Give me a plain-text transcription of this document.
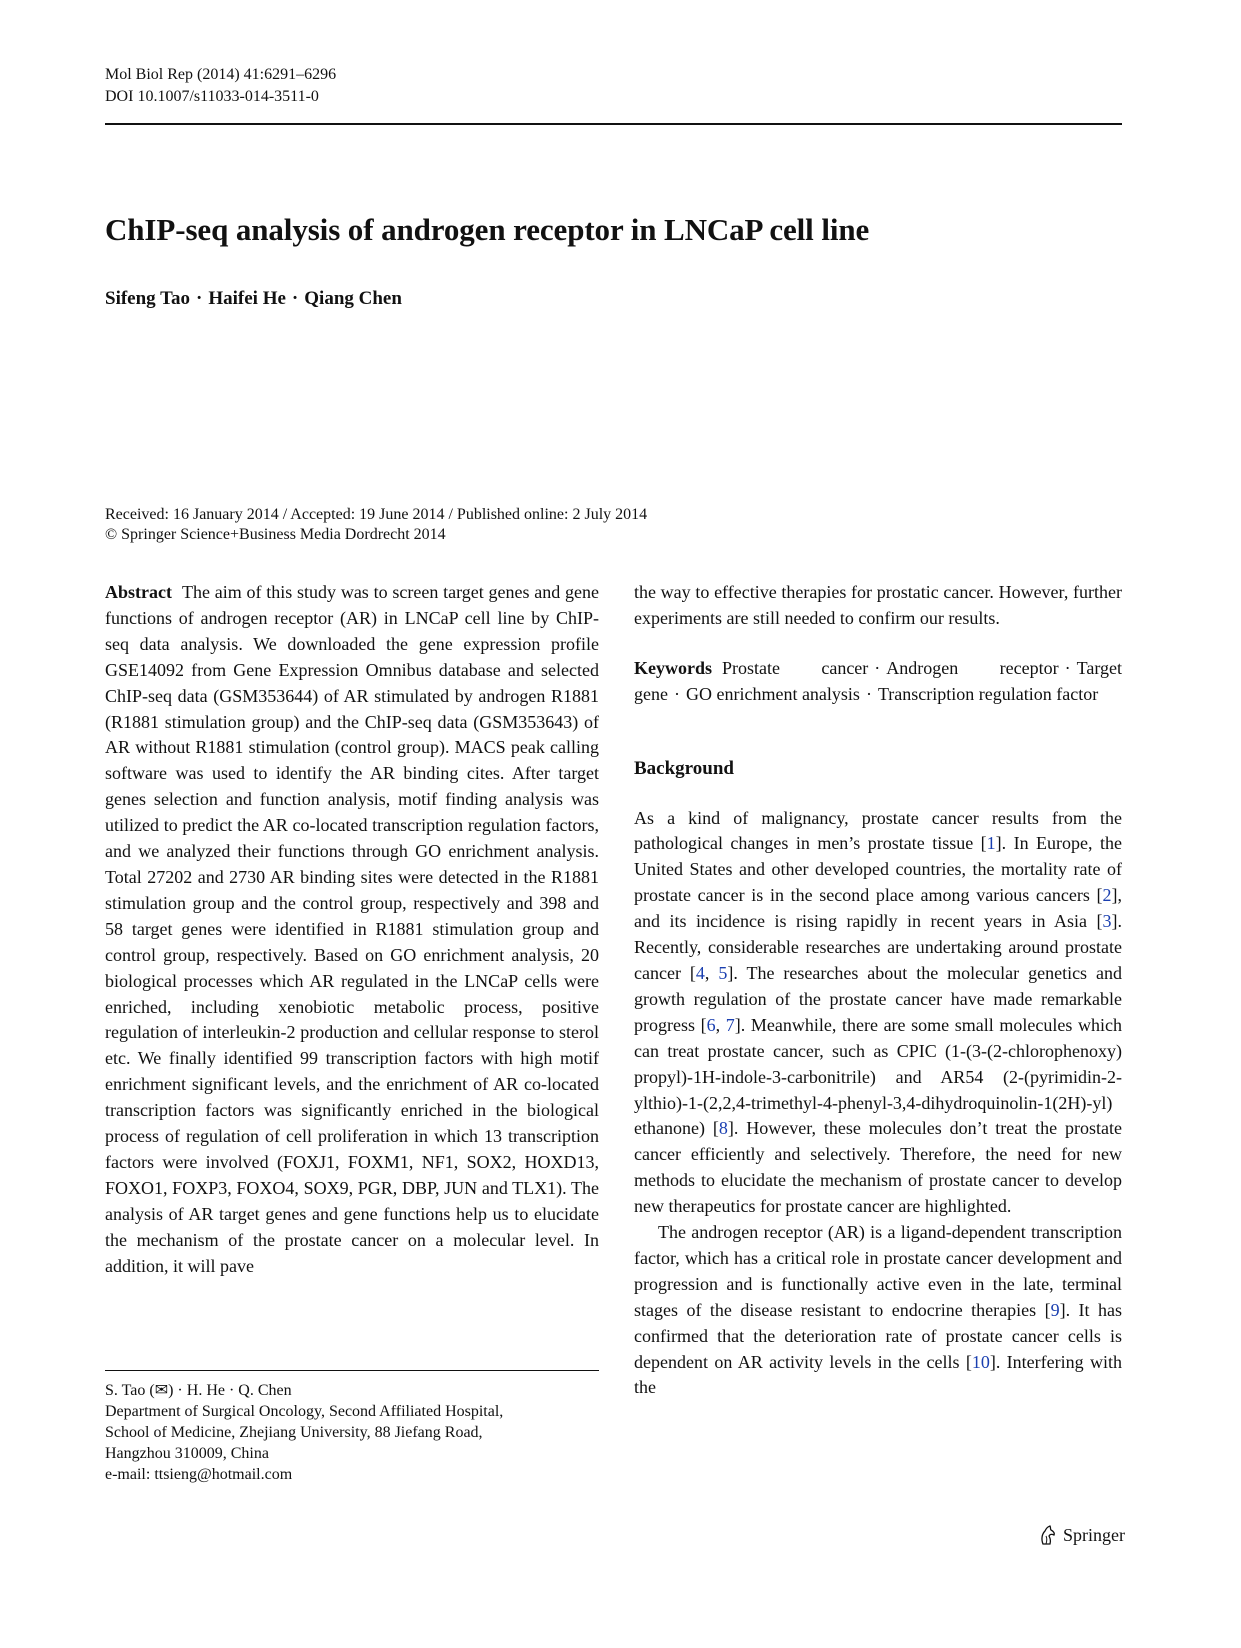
Mol Biol Rep (2014) 41:6291–6296
DOI 10.1007/s11033-014-3511-0
ChIP-seq analysis of androgen receptor in LNCaP cell line
Sifeng Tao · Haifei He · Qiang Chen
Received: 16 January 2014 / Accepted: 19 June 2014 / Published online: 2 July 2014
© Springer Science+Business Media Dordrecht 2014

Abstract The aim of this study was to screen target genes and gene functions of androgen receptor (AR) in LNCaP cell line by ChIP-seq data analysis. We downloaded the gene expression profile GSE14092 from Gene Expression Omnibus database and selected ChIP-seq data (GSM353644) of AR stimulated by androgen R1881 (R1881 stimulation group) and the ChIP-seq data (GSM353643) of AR without R1881 stimulation (control group). MACS peak calling software was used to identify the AR binding cites. After target genes selection and function analysis, motif finding analysis was utilized to predict the AR co-located transcription regulation factors, and we analyzed their functions through GO enrichment analysis. Total 27202 and 2730 AR binding sites were detected in the R1881 stimulation group and the control group, respectively and 398 and 58 target genes were identified in R1881 stimulation group and control group, respectively. Based on GO enrichment analysis, 20 biological processes which AR regulated in the LNCaP cells were enriched, including xenobiotic metabolic process, positive regulation of interleukin-2 production and cellular response to sterol etc. We finally identified 99 transcription factors with high motif enrichment significant levels, and the enrichment of AR co-located transcription factors was significantly enriched in the biological process of regulation of cell proliferation in which 13 transcription factors were involved (FOXJ1, FOXM1, NF1, SOX2, HOXD13, FOXO1, FOXP3, FOXO4, SOX9, PGR, DBP, JUN and TLX1). The analysis of AR target genes and gene functions help us to elucidate the mechanism of the prostate cancer on a molecular level. In addition, it will pave

S. Tao (✉) · H. He · Q. Chen
Department of Surgical Oncology, Second Affiliated Hospital,
School of Medicine, Zhejiang University, 88 Jiefang Road,
Hangzhou 310009, China
e-mail: ttsieng@hotmail.com

the way to effective therapies for prostatic cancer. However, further experiments are still needed to confirm our results.

Keywords Prostate cancer · Androgen receptor · Target gene · GO enrichment analysis · Transcription regulation factor

Background

As a kind of malignancy, prostate cancer results from the pathological changes in men’s prostate tissue [1]. In Europe, the United States and other developed countries, the mortality rate of prostate cancer is in the second place among various cancers [2], and its incidence is rising rapidly in recent years in Asia [3]. Recently, considerable researches are undertaking around prostate cancer [4, 5]. The researches about the molecular genetics and growth regulation of the prostate cancer have made remarkable progress [6, 7]. Meanwhile, there are some small molecules which can treat prostate cancer, such as CPIC (1-(3-(2-chlorophenoxy) propyl)-1H-indole-3-carbonitrile) and AR54 (2-(pyrimidin-2-ylthio)-1-(2,2,4-trimethyl-4-phenyl-3,4-dihydroquinolin-1(2H)-yl) ethanone) [8]. However, these molecules don’t treat the prostate cancer efficiently and selectively. Therefore, the need for new methods to elucidate the mechanism of prostate cancer to develop new therapeutics for prostate cancer are highlighted.

The androgen receptor (AR) is a ligand-dependent transcription factor, which has a critical role in prostate cancer development and progression and is functionally active even in the late, terminal stages of the disease resistant to endocrine therapies [9]. It has confirmed that the deterioration rate of prostate cancer cells is dependent on AR activity levels in the cells [10]. Interfering with the

Springer
